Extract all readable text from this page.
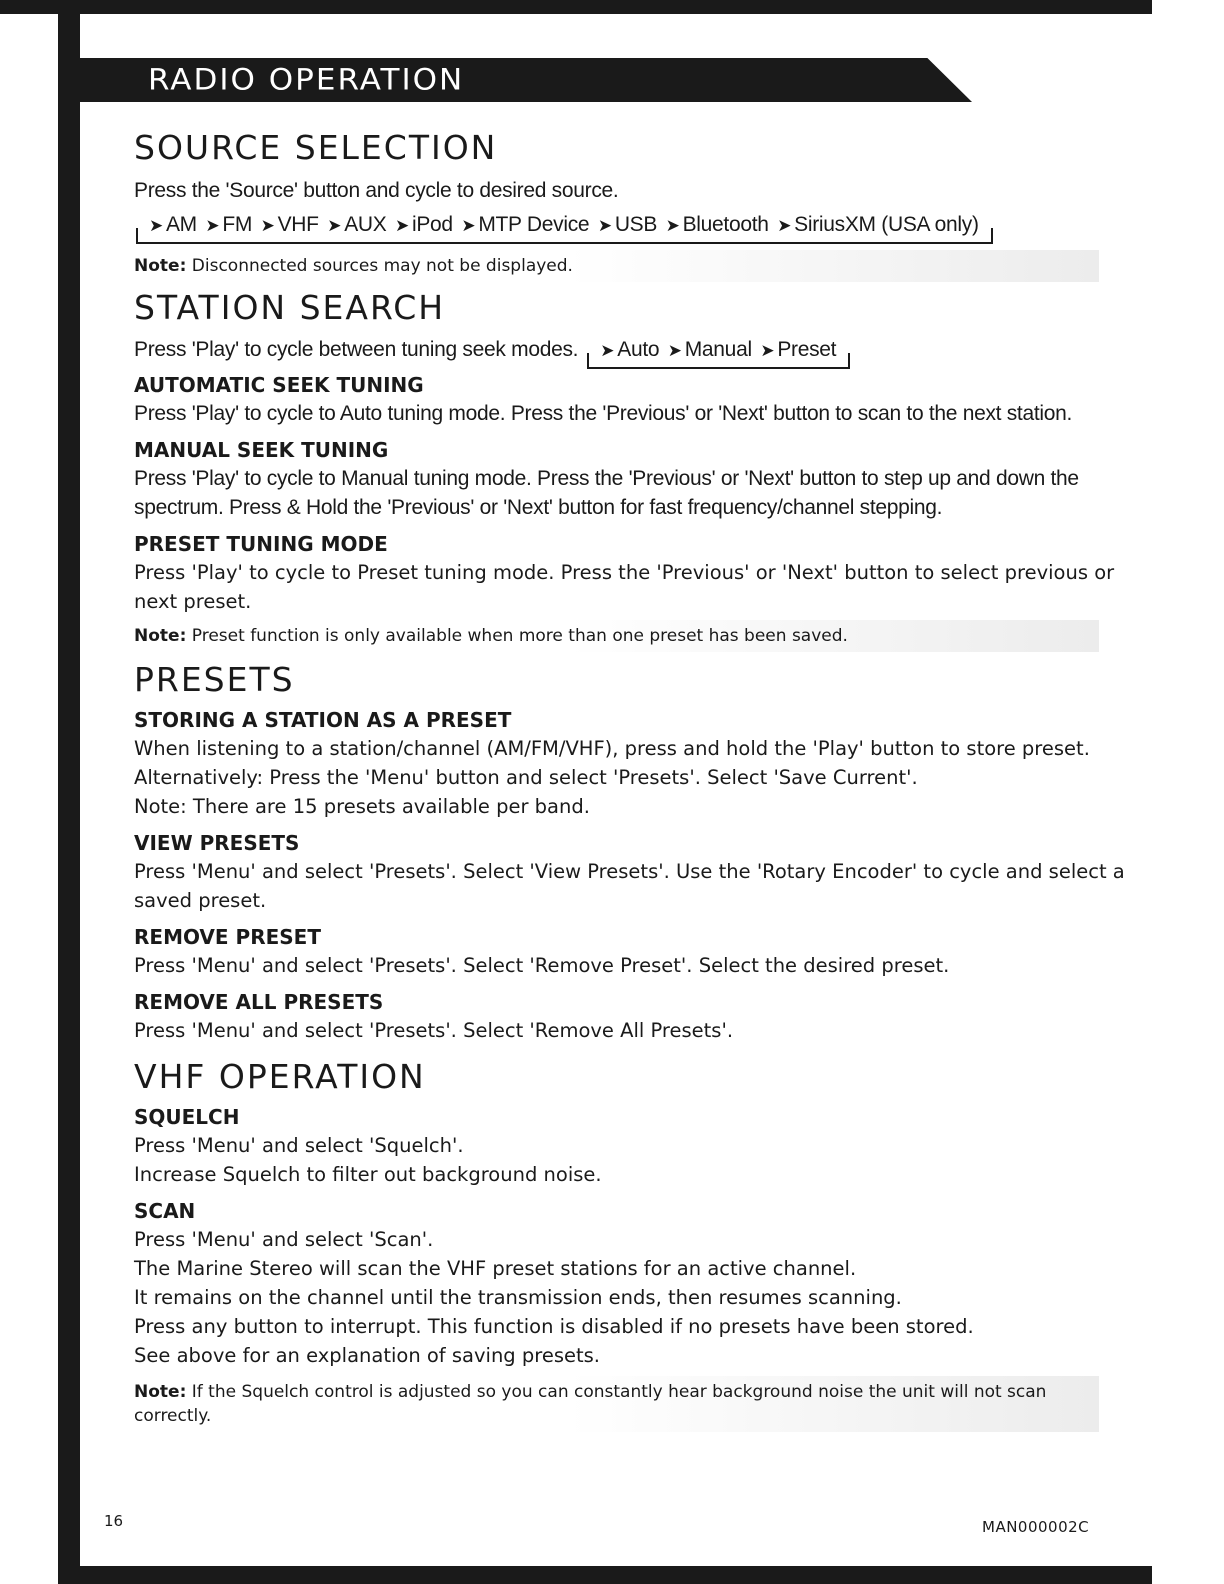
RADIO OPERATION
SOURCE SELECTION

Press the 'Source' button and cycle to desired source.

➤ AM ➤ FM ➤ VHF ➤ AUX ➤ iPod ➤ MTP Device ➤ USB ➤ Bluetooth ➤ SiriusXM (USA only)

Note: Disconnected sources may not be displayed.

STATION SEARCH
Press 'Play' to cycle between tuning seek modes. ➤ Auto ➤ Manual ➤ Preset
AUTOMATIC SEEK TUNING

Press 'Play' to cycle to Auto tuning mode. Press the 'Previous' or 'Next' button to scan to the next station.

MANUAL SEEK TUNING

Press 'Play' to cycle to Manual tuning mode. Press the 'Previous' or 'Next' button to step up and down the spectrum. Press & Hold the 'Previous' or 'Next' button for fast frequency/channel stepping.

PRESET TUNING MODE

Press 'Play' to cycle to Preset tuning mode. Press the 'Previous' or 'Next' button to select previous or next preset.

Note: Preset function is only available when more than one preset has been saved.

PRESETS
STORING A STATION AS A PRESET

When listening to a station/channel (AM/FM/VHF), press and hold the 'Play' button to store preset. Alternatively: Press the 'Menu' button and select 'Presets'. Select 'Save Current'.

Note: There are 15 presets available per band.

VIEW PRESETS

Press 'Menu' and select 'Presets'. Select 'View Presets'. Use the 'Rotary Encoder' to cycle and select a saved preset.

REMOVE PRESET

Press 'Menu' and select 'Presets'. Select 'Remove Preset'. Select the desired preset.

REMOVE ALL PRESETS

Press 'Menu' and select 'Presets'. Select 'Remove All Presets'.

VHF OPERATION
SQUELCH

Press 'Menu' and select 'Squelch'.

Increase Squelch to filter out background noise.

SCAN

Press 'Menu' and select 'Scan'.

The Marine Stereo will scan the VHF preset stations for an active channel.

It remains on the channel until the transmission ends, then resumes scanning.

Press any button to interrupt. This function is disabled if no presets have been stored.

See above for an explanation of saving presets.

Note: If the Squelch control is adjusted so you can constantly hear background noise the unit will not scan correctly.

16	MAN000002C
